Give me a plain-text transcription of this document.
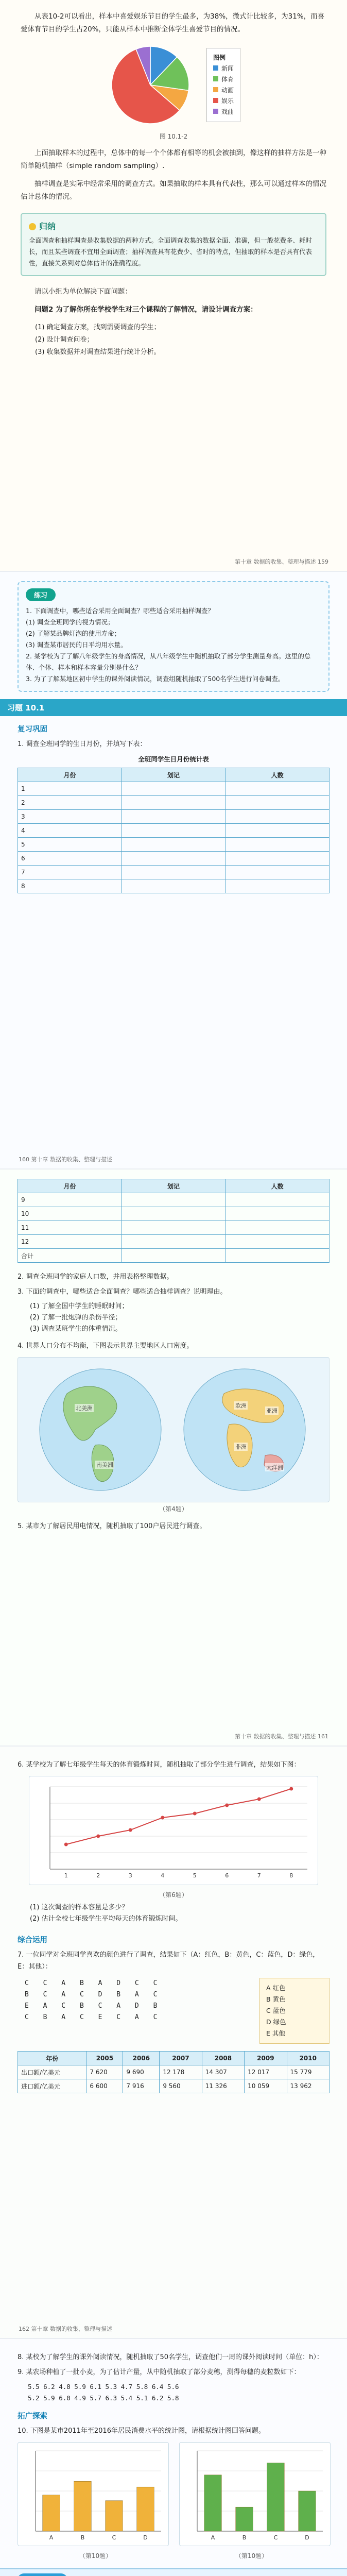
从表10-2可以看出，样本中喜爱娱乐节目的学生最多，为38%，微式计比较多，为31%，而喜爱体育节目的学生占20%，只能从样本中推断全体学生喜爱节目的情况。

图例
新闻
体育
动画
娱乐
戏曲
图 10.1-2

上面抽取样本的过程中，总体中的每一个个体都有相等的机会被抽到，像这样的抽样方法是一种简单随机抽样（simple random sampling）.

抽样调查是实际中经常采用的调查方式。如果抽取的样本具有代表性，那么可以通过样本的情况估计总体的情况。

归纳
全面调查和抽样调查是收集数据的两种方式。全面调查收集的数据全面、准确，但一般花费多、耗时长，而且某些调查不宜用全面调查；抽样调查具有花费少、省时的特点，但抽取的样本是否具有代表性，直接关系到对总体估计的准确程度。

请以小组为单位解决下面问题：

问题2 为了解你所在学校学生对三个课程的了解情况，请设计调查方案：

(1) 确定调查方案，找到需要调查的学生；
(2) 设计调查问卷；
(3) 收集数据并对调查结果进行统计分析。
第十章 数据的收集、整理与描述 159
练习
1. 下面调查中，哪些适合采用全面调查？哪些适合采用抽样调查？
(1) 调查全班同学的视力情况；
(2) 了解某品牌灯泡的使用寿命；
(3) 调查某市居民的日平均用水量。
2. 某学校为了了解八年级学生的身高情况，从八年级学生中随机抽取了部分学生测量身高。这里的总体、个体、样本和样本容量分别是什么？
3. 为了了解某地区初中学生的课外阅读情况，调查组随机抽取了500名学生进行问卷调查。
习题 10.1
复习巩固
1. 调查全班同学的生日月份，并填写下表：
全班同学生日月份统计表
月份	划记	人数
1		
2		
3		
4		
5		
6		
7		
8		
160 第十章 数据的收集、整理与描述
月份	划记	人数
9		
10		
11		
12		
合计		
2. 调查全班同学的家庭人口数，并用表格整理数据。
3. 下面的调查中，哪些适合全面调查？哪些适合抽样调查？说明理由。
(1) 了解全国中学生的睡眠时间；
(2) 了解一批炮弹的杀伤半径；
(3) 调查某班学生的体重情况。
4. 世界人口分布不均衡，下图表示世界主要地区人口密度。
北美洲
南美洲
欧洲
非洲
亚洲
大洋洲
（第4题）
5. 某市为了解居民用电情况，随机抽取了100户居民进行调查。
第十章 数据的收集、整理与描述 161
6. 某学校为了解七年级学生每天的体育锻炼时间，随机抽取了部分学生进行调查，结果如下图：
1	2	3	4	5	6	7	8
（第6题）
(1) 这次调查的样本容量是多少？
(2) 估计全校七年级学生平均每天的体育锻炼时间。
综合运用
7. 一位同学对全班同学喜欢的颜色进行了调查，结果如下（A：红色，B：黄色，C：蓝色，D：绿色，E：其他）：
C C A B A D C C
B C A C D B A C
E A C B C A D B
C B A C E C A C
A 红色
B 黄色
C 蓝色
D 绿色
E 其他
年份	2005	2006	2007	2008	2009	2010
出口额/亿美元	7 620	9 690	12 178	14 307	12 017	15 779
进口额/亿美元	6 600	7 916	9 560	11 326	10 059	13 962
162 第十章 数据的收集、整理与描述
8. 某校为了解学生的课外阅读情况，随机抽取了50名学生，调查他们一周的课外阅读时间（单位：h）：
9. 某农场种植了一批小麦，为了估计产量，从中随机抽取了部分麦穗，测得每穗的麦粒数如下：
5.5 6.2 4.8 5.9 6.1 5.3 4.7 5.8 6.4 5.6
5.2 5.9 6.0 4.9 5.7 6.3 5.4 5.1 6.2 5.8
拓广探索
10. 下图是某市2011年至2016年居民消费水平的统计图，请根据统计图回答问题。
A	B	C	D	A	B	C	D
（第10题）	（第10题）
